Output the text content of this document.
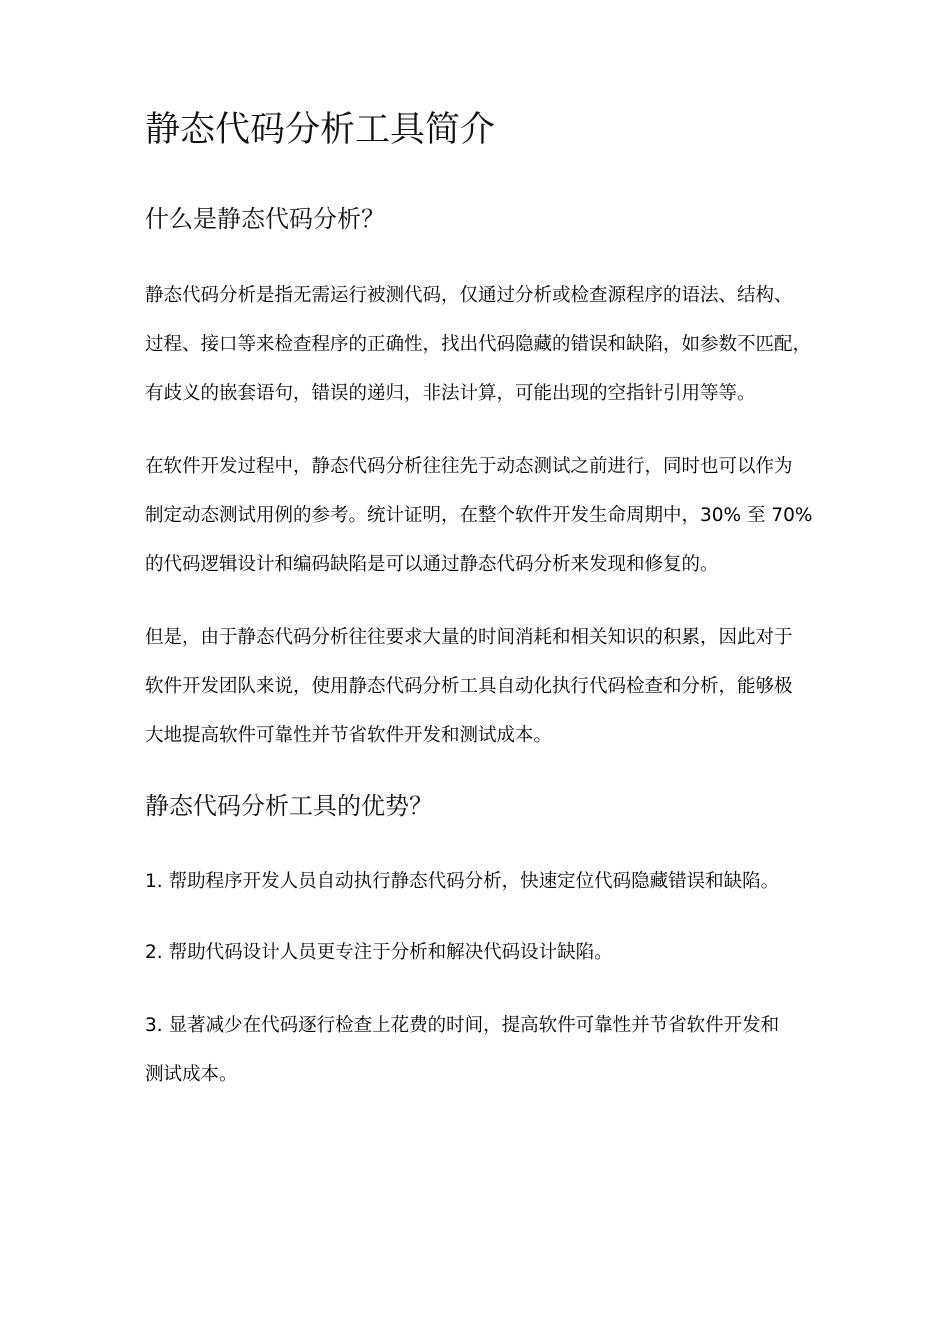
静态代码分析工具简介
什么是静态代码分析？

静态代码分析是指无需运行被测代码，仅通过分析或检查源程序的语法、结构、
过程、接口等来检查程序的正确性，找出代码隐藏的错误和缺陷，如参数不匹配，
有歧义的嵌套语句，错误的递归，非法计算，可能出现的空指针引用等等。

在软件开发过程中，静态代码分析往往先于动态测试之前进行，同时也可以作为
制定动态测试用例的参考。统计证明，在整个软件开发生命周期中，30% 至 70%
的代码逻辑设计和编码缺陷是可以通过静态代码分析来发现和修复的。

但是，由于静态代码分析往往要求大量的时间消耗和相关知识的积累，因此对于
软件开发团队来说，使用静态代码分析工具自动化执行代码检查和分析，能够极
大地提高软件可靠性并节省软件开发和测试成本。

静态代码分析工具的优势？

1. 帮助程序开发人员自动执行静态代码分析，快速定位代码隐藏错误和缺陷。

2. 帮助代码设计人员更专注于分析和解决代码设计缺陷。

3. 显著减少在代码逐行检查上花费的时间，提高软件可靠性并节省软件开发和
测试成本。
